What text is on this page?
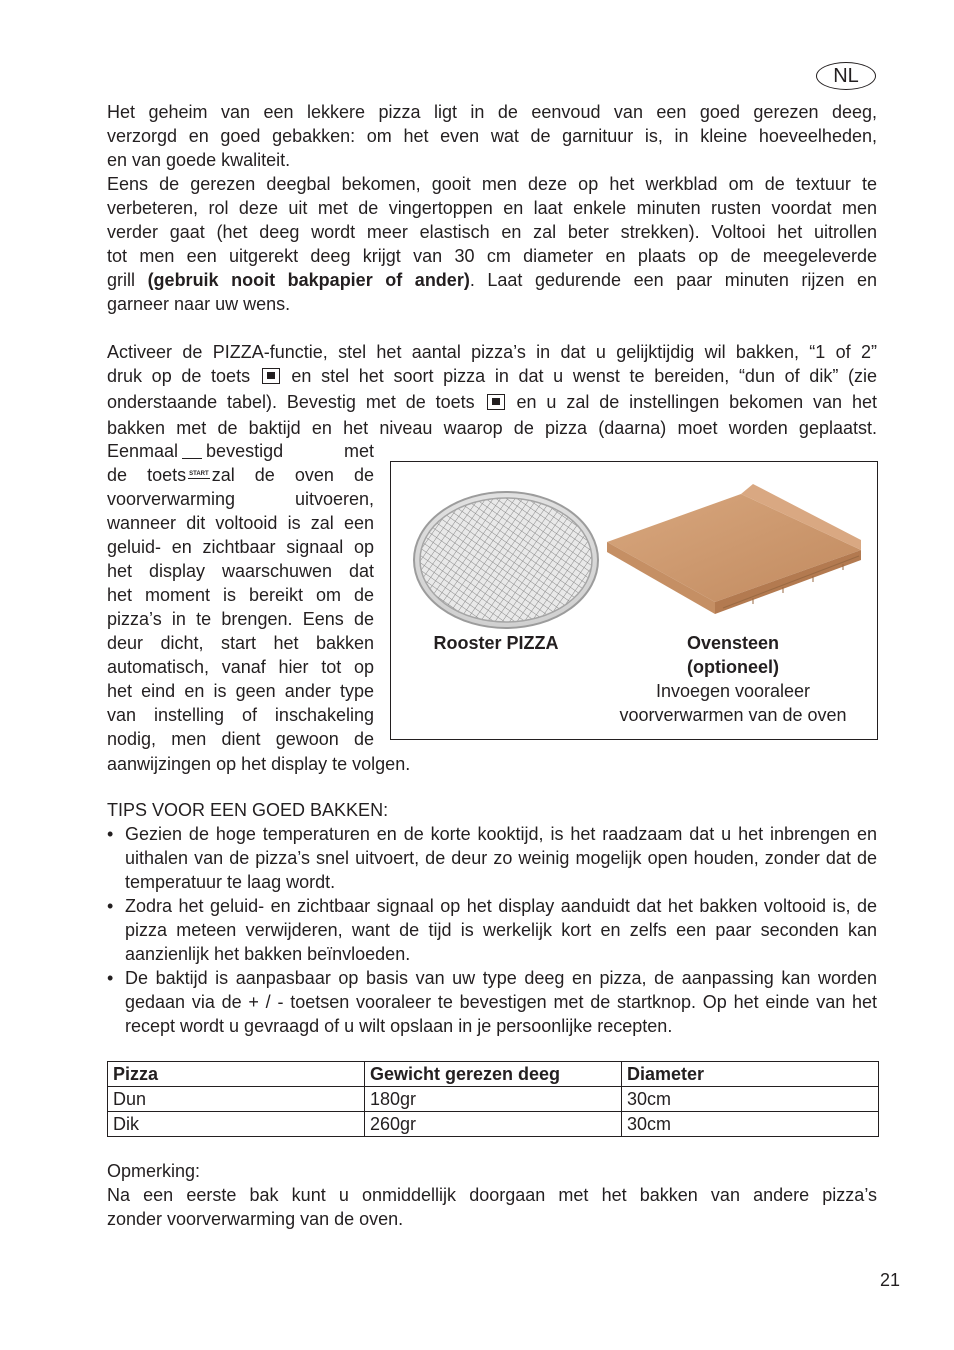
NL
Het geheim van een lekkere pizza ligt in de eenvoud van een goed gerezen deeg,
verzorgd en goed gebakken: om het even wat de garnituur is, in kleine hoeveelheden,
en van goede kwaliteit.
Eens de gerezen deegbal bekomen, gooit men deze op het werkblad om de textuur te
verbeteren, rol deze uit met de vingertoppen en laat enkele minuten rusten voordat men
verder gaat (het deeg wordt meer elastisch en zal beter strekken). Voltooi het uitrollen
tot men een uitgerekt deeg krijgt van 30 cm diameter en plaats op de meegeleverde
grill (gebruik nooit bakpapier of ander). Laat gedurende een paar minuten rijzen en
garneer naar uw wens.
Activeer de PIZZA-functie, stel het aantal pizza’s in dat u gelijktijdig wil bakken, “1 of 2”
druk op de toets en stel het soort pizza in dat u wenst te bereiden, “dun of dik” (zie
onderstaande tabel). Bevestig met de toets en u zal de instellingen bekomen van het
bakken met de baktijd en het niveau waarop de pizza (daarna) moet worden geplaatst.
Eenmaal bevestigd met
de toets START zal de oven de
voorverwarming uitvoeren,
wanneer dit voltooid is zal een
geluid- en zichtbaar signaal op
het display waarschuwen dat
het moment is bereikt om de
pizza’s in te brengen. Eens de
deur dicht, start het bakken
automatisch, vanaf hier tot op
het eind en is geen ander type
van instelling of inschakeling
nodig, men dient gewoon de
aanwijzingen op het display te volgen.
Rooster PIZZA	Ovensteen
(optioneel)
Invoegen vooraleer
voorverwarmen van de oven
TIPS VOOR EEN GOED BAKKEN:
• Gezien de hoge temperaturen en de korte kooktijd, is het raadzaam dat u het inbrengen en uithalen van de pizza’s snel uitvoert, de deur zo weinig mogelijk open houden, zonder dat de temperatuur te laag wordt.
• Zodra het geluid- en zichtbaar signaal op het display aanduidt dat het bakken voltooid is, de pizza meteen verwijderen, want de tijd is werkelijk kort en zelfs een paar seconden kan aanzienlijk het bakken beïnvloeden.
• De baktijd is aanpasbaar op basis van uw type deeg en pizza, de aanpassing kan worden gedaan via de + / - toetsen vooraleer te bevestigen met de startknop. Op het einde van het recept wordt u gevraagd of u wilt opslaan in je persoonlijke recepten.
Pizza	Gewicht gerezen deeg	Diameter
Dun	180gr	30cm
Dik	260gr	30cm
Opmerking:
Na een eerste bak kunt u onmiddellijk doorgaan met het bakken van andere pizza’s
zonder voorverwarming van de oven.
21
